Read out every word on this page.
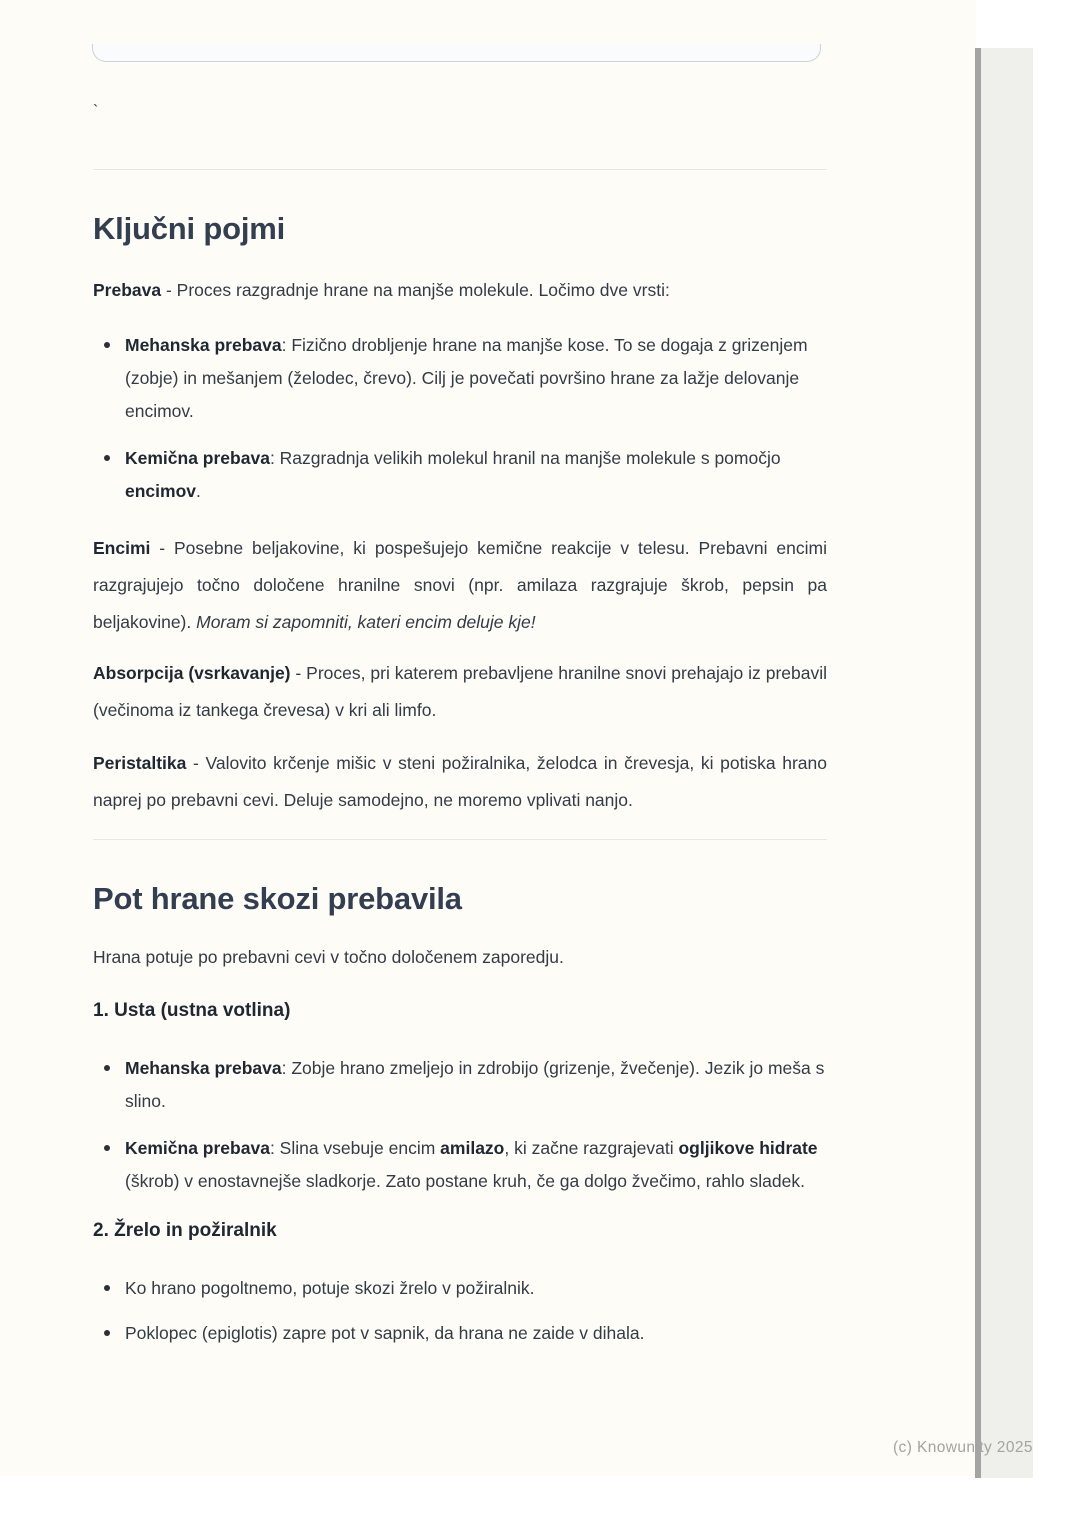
`
Ključni pojmi

Prebava - Proces razgradnje hrane na manjše molekule. Ločimo dve vrsti:

Mehanska prebava: Fizično drobljenje hrane na manjše kose. To se dogaja z grizenjem (zobje) in mešanjem (želodec, črevo). Cilj je povečati površino hrane za lažje delovanje encimov.
Kemična prebava: Razgradnja velikih molekul hranil na manjše molekule s pomočjo encimov.

Encimi - Posebne beljakovine, ki pospešujejo kemične reakcije v telesu. Prebavni encimi razgrajujejo točno določene hranilne snovi (npr. amilaza razgrajuje škrob, pepsin pa beljakovine). Moram si zapomniti, kateri encim deluje kje!

Absorpcija (vsrkavanje) - Proces, pri katerem prebavljene hranilne snovi prehajajo iz prebavil (večinoma iz tankega črevesa) v kri ali limfo.

Peristaltika - Valovito krčenje mišic v steni požiralnika, želodca in črevesja, ki potiska hrano naprej po prebavni cevi. Deluje samodejno, ne moremo vplivati nanjo.

Pot hrane skozi prebavila

Hrana potuje po prebavni cevi v točno določenem zaporedju.

1. Usta (ustna votlina)
Mehanska prebava: Zobje hrano zmeljejo in zdrobijo (grizenje, žvečenje). Jezik jo meša s slino.
Kemična prebava: Slina vsebuje encim amilazo, ki začne razgrajevati ogljikove hidrate (škrob) v enostavnejše sladkorje. Zato postane kruh, če ga dolgo žvečimo, rahlo sladek.
2. Žrelo in požiralnik
Ko hrano pogoltnemo, potuje skozi žrelo v požiralnik.
Poklopec (epiglotis) zapre pot v sapnik, da hrana ne zaide v dihala.
(c) Knowunity 2025
